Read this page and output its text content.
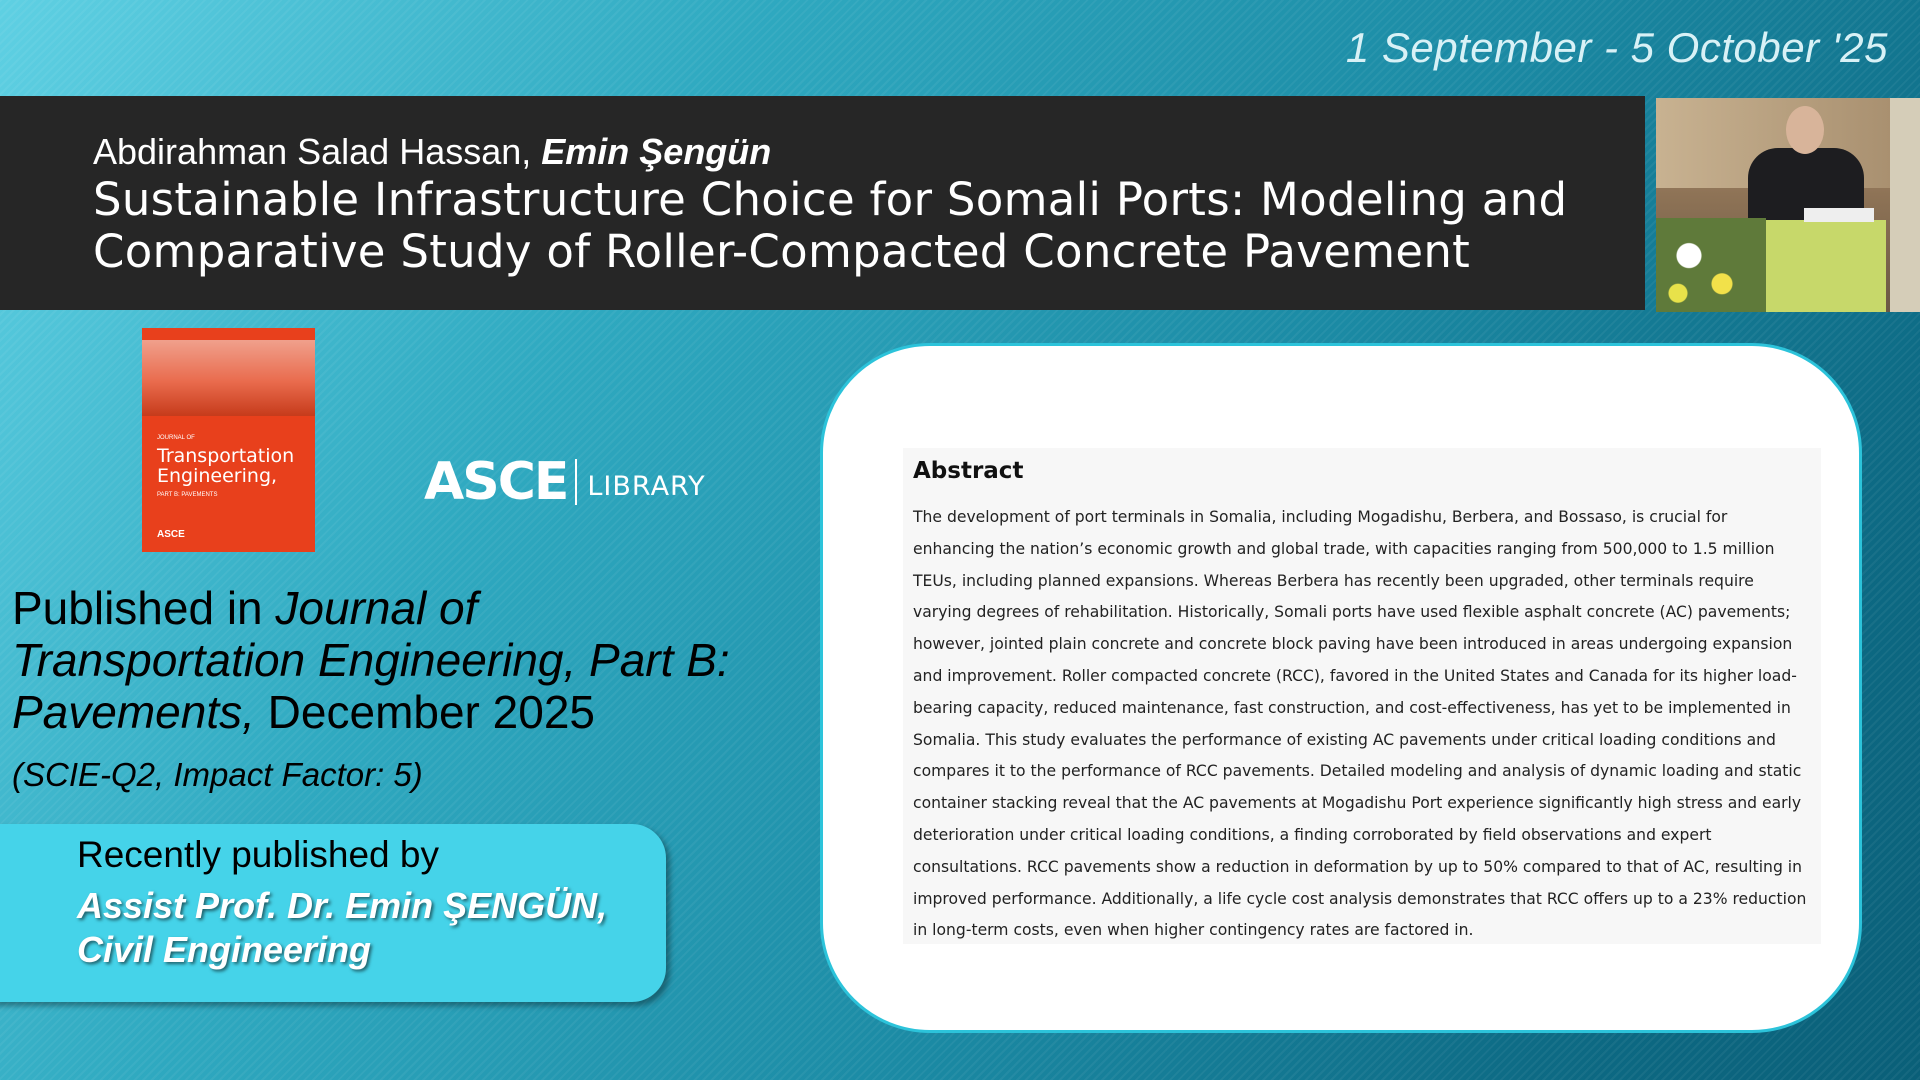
1 September - 5 October '25
Abdirahman Salad Hassan, Emin Şengün
Sustainable Infrastructure Choice for Somali Ports: Modeling and Comparative Study of Roller-Compacted Concrete Pavement
JOURNAL OF
Transportation Engineering,
PART B: PAVEMENTS
ASCE
ASCE LIBRARY
Published in Journal of Transportation Engineering, Part B: Pavements, December 2025
(SCIE-Q2, Impact Factor: 5)
Recently published by
Assist Prof. Dr. Emin ŞENGÜN,
Civil Engineering
Abstract
The development of port terminals in Somalia, including Mogadishu, Berbera, and Bossaso, is crucial for enhancing the nation’s economic growth and global trade, with capacities ranging from 500,000 to 1.5 million TEUs, including planned expansions. Whereas Berbera has recently been upgraded, other terminals require varying degrees of rehabilitation. Historically, Somali ports have used flexible asphalt concrete (AC) pavements; however, jointed plain concrete and concrete block paving have been introduced in areas undergoing expansion and improvement. Roller compacted concrete (RCC), favored in the United States and Canada for its higher load-bearing capacity, reduced maintenance, fast construction, and cost-effectiveness, has yet to be implemented in Somalia. This study evaluates the performance of existing AC pavements under critical loading conditions and compares it to the performance of RCC pavements. Detailed modeling and analysis of dynamic loading and static container stacking reveal that the AC pavements at Mogadishu Port experience significantly high stress and early deterioration under critical loading conditions, a finding corroborated by field observations and expert consultations. RCC pavements show a reduction in deformation by up to 50% compared to that of AC, resulting in improved performance. Additionally, a life cycle cost analysis demonstrates that RCC offers up to a 23% reduction in long-term costs, even when higher contingency rates are factored in.
